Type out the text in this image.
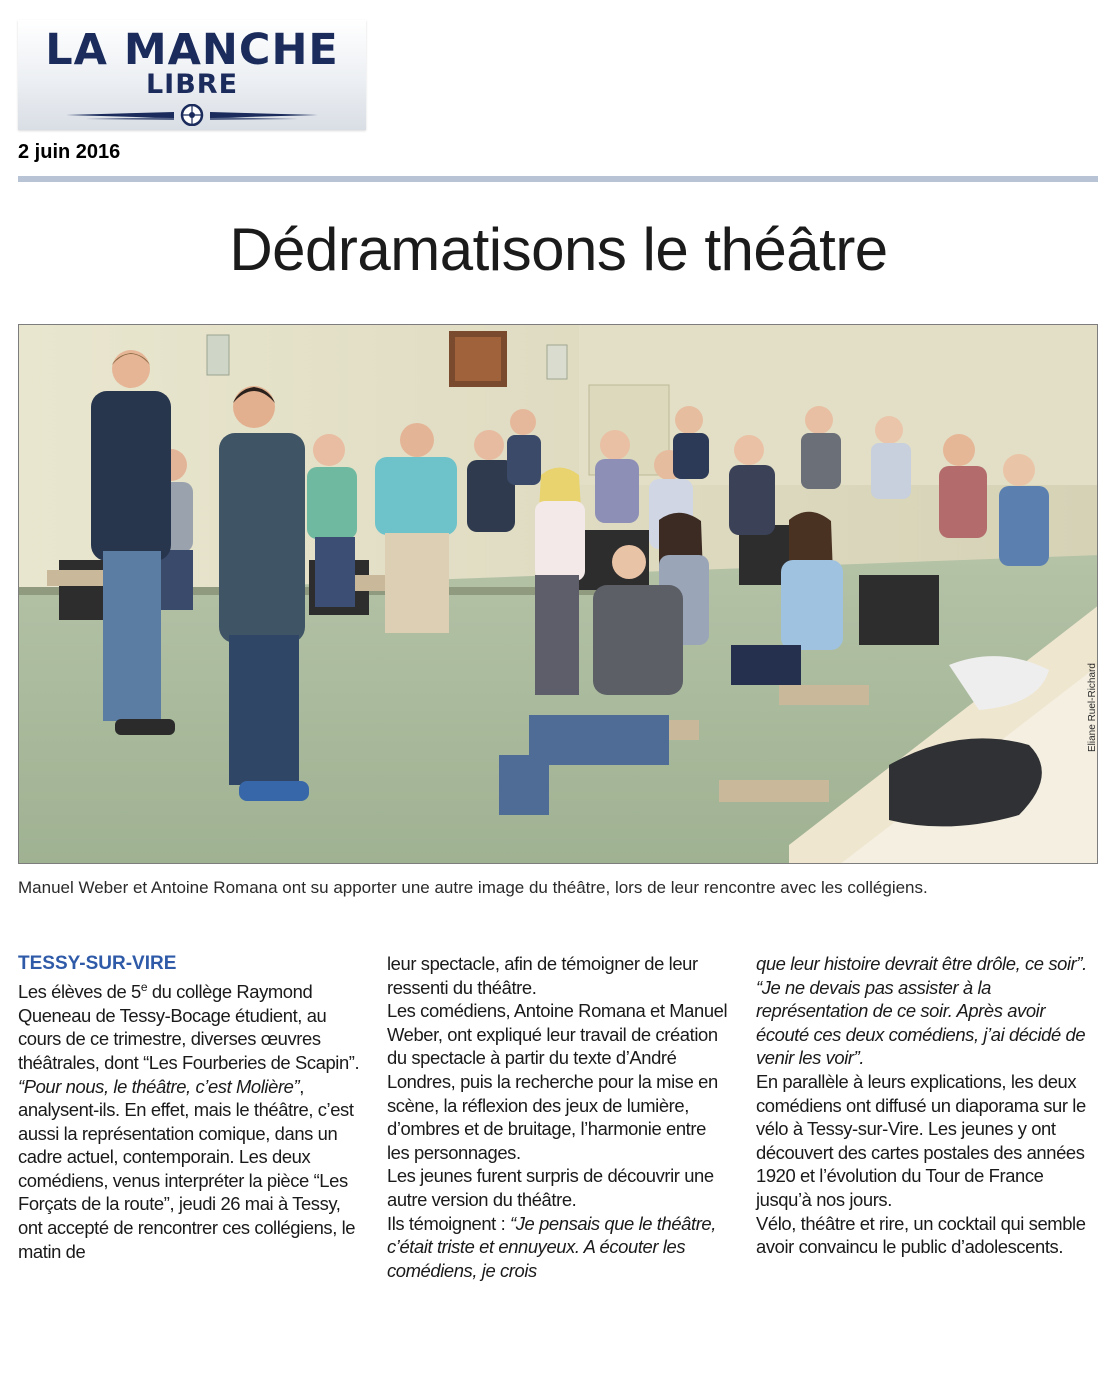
LA MANCHE
LIBRE
2 juin 2016
Dédramatisons le théâtre
Eliane Ruel-Richard
Manuel Weber et Antoine Romana ont su apporter une autre image du théâtre, lors de leur rencontre avec les collégiens.
TESSY-SUR-VIRE

Les élèves de 5e du collège Raymond Queneau de Tessy-Bocage étudient, au cours de ce trimestre, diverses œuvres théâtrales, dont “Les Fourberies de Scapin”.

“Pour nous, le théâtre, c’est Molière”, analysent-ils. En effet, mais le théâtre, c’est aussi la représentation comique, dans un cadre actuel, contemporain. Les deux comédiens, venus interpréter la pièce “Les Forçats de la route”, jeudi 26 mai à Tessy, ont accepté de rencontrer ces collégiens, le matin de

leur spectacle, afin de témoigner de leur ressenti du théâtre.

Les comédiens, Antoine Romana et Manuel Weber, ont expliqué leur travail de création du spectacle à partir du texte d’André Londres, puis la recherche pour la mise en scène, la réflexion des jeux de lumière, d’ombres et de bruitage, l’harmonie entre les personnages.

Les jeunes furent surpris de découvrir une autre version du théâtre.

Ils témoignent : “Je pensais que le théâtre, c’était triste et ennuyeux. A écouter les comédiens, je crois

que leur histoire devrait être drôle, ce soir”. “Je ne devais pas assister à la représentation de ce soir. Après avoir écouté ces deux comédiens, j’ai décidé de venir les voir”.

En parallèle à leurs explications, les deux comédiens ont diffusé un diaporama sur le vélo à Tessy-sur-Vire. Les jeunes y ont découvert des cartes postales des années 1920 et l’évolution du Tour de France jusqu’à nos jours.

Vélo, théâtre et rire, un cocktail qui semble avoir convaincu le public d’adolescents.
